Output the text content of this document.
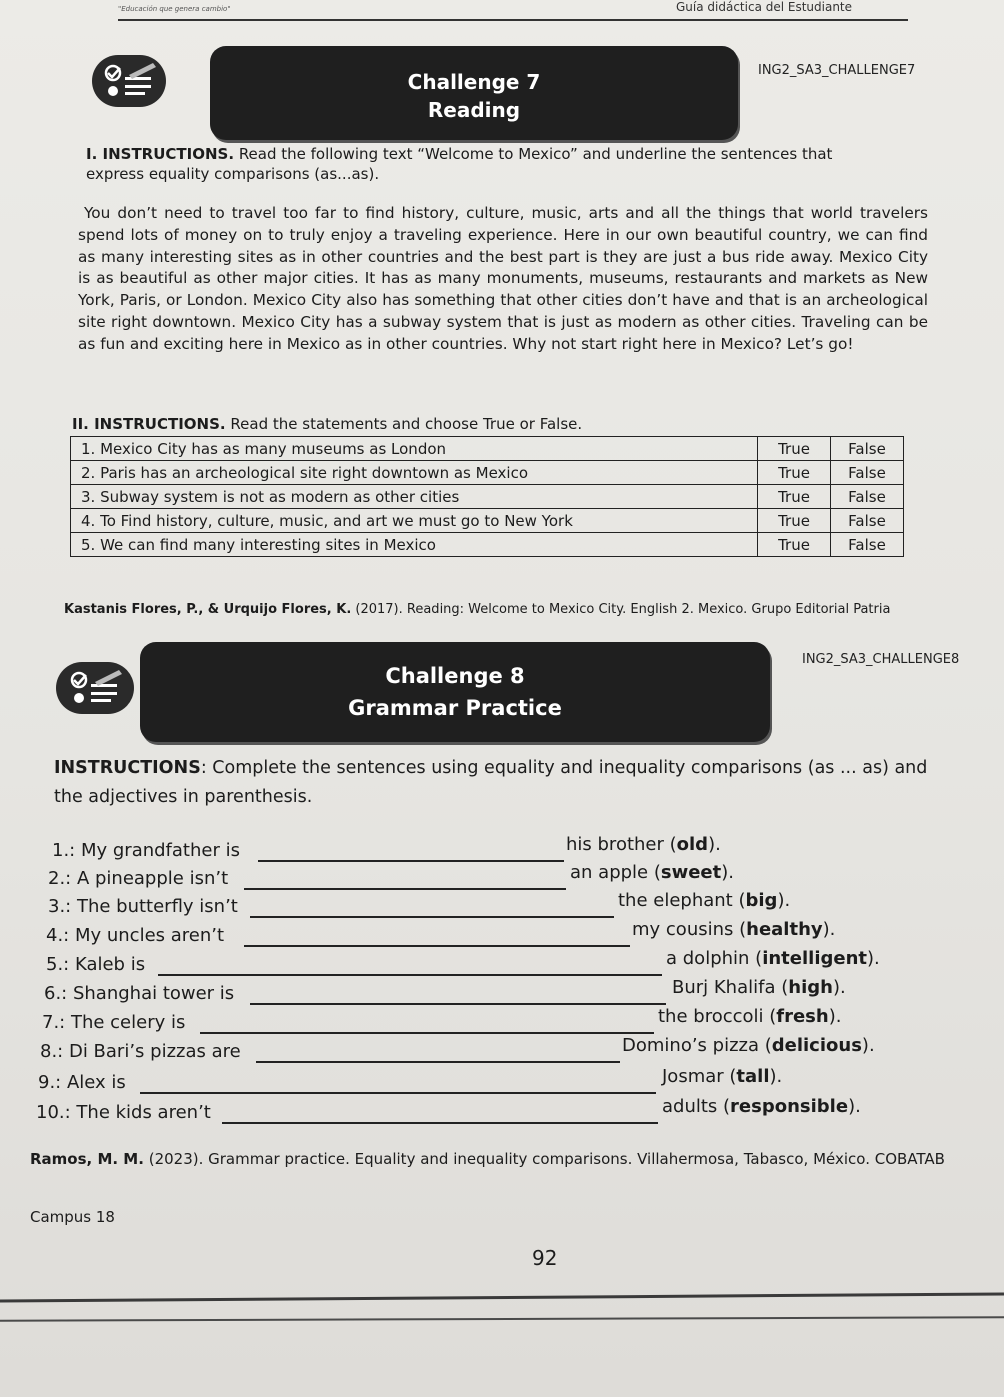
"Educación que genera cambio"	Guía didáctica del Estudiante
Challenge 7
Reading
ING2_SA3_CHALLENGE7
I. INSTRUCTIONS. Read the following text “Welcome to Mexico” and underline the sentences that express equality comparisons (as...as).
You don’t need to travel too far to find history, culture, music, arts and all the things that world travelers spend lots of money on to truly enjoy a traveling experience. Here in our own beautiful country, we can find as many interesting sites as in other countries and the best part is they are just a bus ride away. Mexico City is as beautiful as other major cities. It has as many monuments, museums, restaurants and markets as New York, Paris, or London. Mexico City also has something that other cities don’t have and that is an archeological site right downtown. Mexico City has a subway system that is just as modern as other cities. Traveling can be as fun and exciting here in Mexico as in other countries. Why not start right here in Mexico? Let’s go!
II. INSTRUCTIONS. Read the statements and choose True or False.
1. Mexico City has as many museums as London	True	False
2. Paris has an archeological site right downtown as Mexico	True	False
3. Subway system is not as modern as other cities	True	False
4. To Find history, culture, music, and art we must go to New York	True	False
5. We can find many interesting sites in Mexico	True	False
Kastanis Flores, P., & Urquijo Flores, K. (2017). Reading: Welcome to Mexico City. English 2. Mexico. Grupo Editorial Patria
Challenge 8
Grammar Practice
ING2_SA3_CHALLENGE8
INSTRUCTIONS: Complete the sentences using equality and inequality comparisons (as ... as) and the adjectives in parenthesis.
1.: My grandfather is	his brother (old).
2.: A pineapple isn’t	an apple (sweet).
3.: The butterfly isn’t	the elephant (big).
4.: My uncles aren’t	my cousins (healthy).
5.: Kaleb is	a dolphin (intelligent).
6.: Shanghai tower is	Burj Khalifa (high).
7.: The celery is	the broccoli (fresh).
8.: Di Bari’s pizzas are	Domino’s pizza (delicious).
9.: Alex is	Josmar (tall).
10.: The kids aren’t	adults (responsible).
Ramos, M. M. (2023). Grammar practice. Equality and inequality comparisons. Villahermosa, Tabasco, México. COBATAB
Campus 18
92
